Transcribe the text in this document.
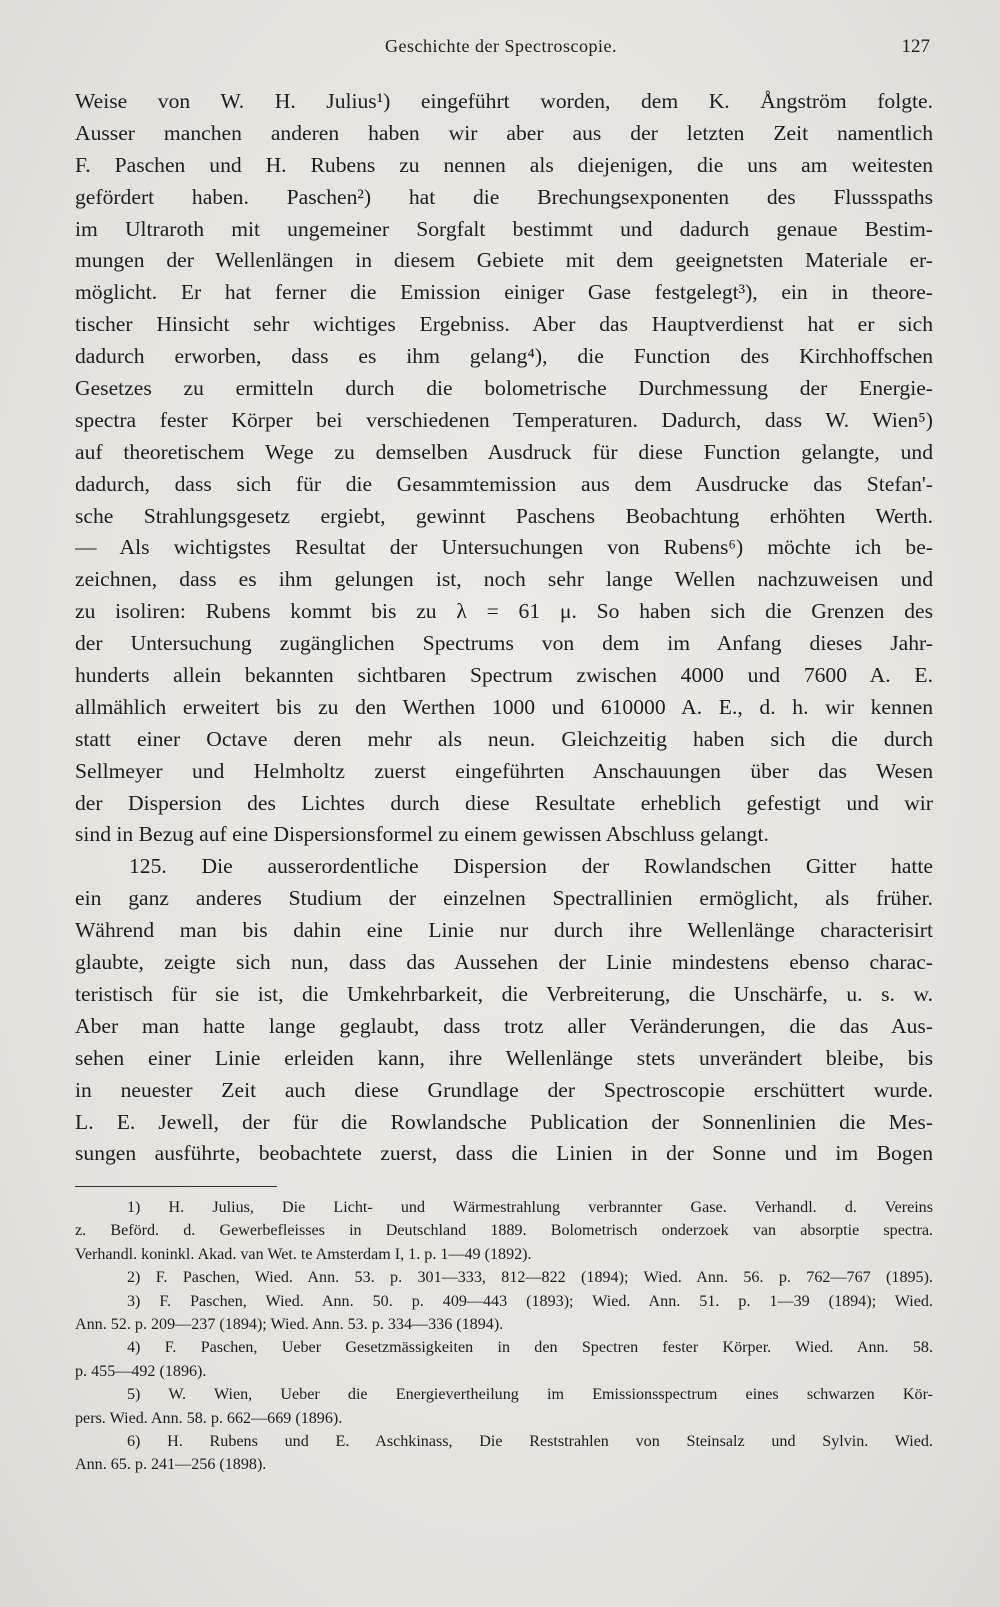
Geschichte der Spectroscopie.	127
Weise von W. H. Julius¹) eingeführt worden, dem K. Ångström folgte.
Ausser manchen anderen haben wir aber aus der letzten Zeit namentlich
F. Paschen und H. Rubens zu nennen als diejenigen, die uns am weitesten
gefördert haben. Paschen²) hat die Brechungsexponenten des Flussspaths
im Ultraroth mit ungemeiner Sorgfalt bestimmt und dadurch genaue Bestim-
mungen der Wellenlängen in diesem Gebiete mit dem geeignetsten Materiale er-
möglicht. Er hat ferner die Emission einiger Gase festgelegt³), ein in theore-
tischer Hinsicht sehr wichtiges Ergebniss. Aber das Hauptverdienst hat er sich
dadurch erworben, dass es ihm gelang⁴), die Function des Kirchhoffschen
Gesetzes zu ermitteln durch die bolometrische Durchmessung der Energie-
spectra fester Körper bei verschiedenen Temperaturen. Dadurch, dass W. Wien⁵)
auf theoretischem Wege zu demselben Ausdruck für diese Function gelangte, und
dadurch, dass sich für die Gesammtemission aus dem Ausdrucke das Stefan'-
sche Strahlungsgesetz ergiebt, gewinnt Paschens Beobachtung erhöhten Werth.
— Als wichtigstes Resultat der Untersuchungen von Rubens⁶) möchte ich be-
zeichnen, dass es ihm gelungen ist, noch sehr lange Wellen nachzuweisen und
zu isoliren: Rubens kommt bis zu λ = 61 μ. So haben sich die Grenzen des
der Untersuchung zugänglichen Spectrums von dem im Anfang dieses Jahr-
hunderts allein bekannten sichtbaren Spectrum zwischen 4000 und 7600 A. E.
allmählich erweitert bis zu den Werthen 1000 und 610000 A. E., d. h. wir kennen
statt einer Octave deren mehr als neun. Gleichzeitig haben sich die durch
Sellmeyer und Helmholtz zuerst eingeführten Anschauungen über das Wesen
der Dispersion des Lichtes durch diese Resultate erheblich gefestigt und wir
sind in Bezug auf eine Dispersionsformel zu einem gewissen Abschluss gelangt.
125. Die ausserordentliche Dispersion der Rowlandschen Gitter hatte
ein ganz anderes Studium der einzelnen Spectrallinien ermöglicht, als früher.
Während man bis dahin eine Linie nur durch ihre Wellenlänge characterisirt
glaubte, zeigte sich nun, dass das Aussehen der Linie mindestens ebenso charac-
teristisch für sie ist, die Umkehrbarkeit, die Verbreiterung, die Unschärfe, u. s. w.
Aber man hatte lange geglaubt, dass trotz aller Veränderungen, die das Aus-
sehen einer Linie erleiden kann, ihre Wellenlänge stets unverändert bleibe, bis
in neuester Zeit auch diese Grundlage der Spectroscopie erschüttert wurde.
L. E. Jewell, der für die Rowlandsche Publication der Sonnenlinien die Mes-
sungen ausführte, beobachtete zuerst, dass die Linien in der Sonne und im Bogen
1) H. Julius, Die Licht- und Wärmestrahlung verbrannter Gase. Verhandl. d. Vereins
z. Beförd. d. Gewerbefleisses in Deutschland 1889. Bolometrisch onderzoek van absorptie spectra.
Verhandl. koninkl. Akad. van Wet. te Amsterdam I, 1. p. 1—49 (1892).
2) F. Paschen, Wied. Ann. 53. p. 301—333, 812—822 (1894); Wied. Ann. 56. p. 762—767 (1895).
3) F. Paschen, Wied. Ann. 50. p. 409—443 (1893); Wied. Ann. 51. p. 1—39 (1894); Wied.
Ann. 52. p. 209—237 (1894); Wied. Ann. 53. p. 334—336 (1894).
4) F. Paschen, Ueber Gesetzmässigkeiten in den Spectren fester Körper. Wied. Ann. 58.
p. 455—492 (1896).
5) W. Wien, Ueber die Energievertheilung im Emissionsspectrum eines schwarzen Kör-
pers. Wied. Ann. 58. p. 662—669 (1896).
6) H. Rubens und E. Aschkinass, Die Reststrahlen von Steinsalz und Sylvin. Wied.
Ann. 65. p. 241—256 (1898).
